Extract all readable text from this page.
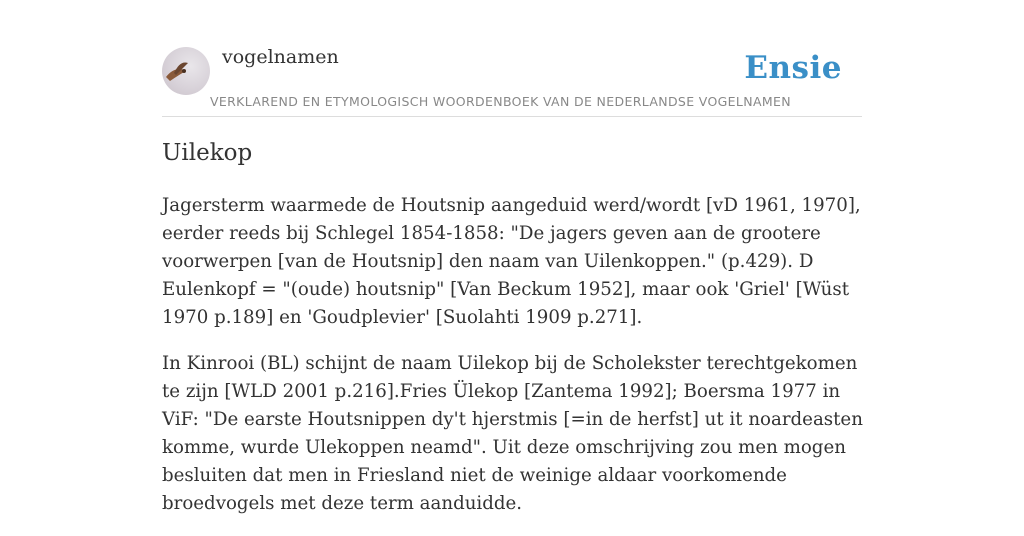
vogelnamen	Ensie
VERKLAREND EN ETYMOLOGISCH WOORDENBOEK VAN DE NEDERLANDSE VOGELNAMEN
Uilekop

Jagersterm waarmede de Houtsnip aangeduid werd/wordt [vD 1961, 1970], eerder reeds bij Schlegel 1854-1858: "De jagers geven aan de grootere voorwerpen [van de Houtsnip] den naam van Uilenkoppen." (p.429). D Eulenkopf = "(oude) houtsnip" [Van Beckum 1952], maar ook 'Griel' [Wüst 1970 p.189] en 'Goudplevier' [Suolahti 1909 p.271].

In Kinrooi (BL) schijnt de naam Uilekop bij de Scholekster terechtgekomen te zijn [WLD 2001 p.216].Fries Ülekop [Zantema 1992]; Boersma 1977 in ViF: "De earste Houtsnippen dy't hjerstmis [=in de herfst] ut it noardeasten komme, wurde Ulekoppen neamd". Uit deze omschrijving zou men mogen besluiten dat men in Friesland niet de weinige aldaar voorkomende broedvogels met deze term aanduidde.
